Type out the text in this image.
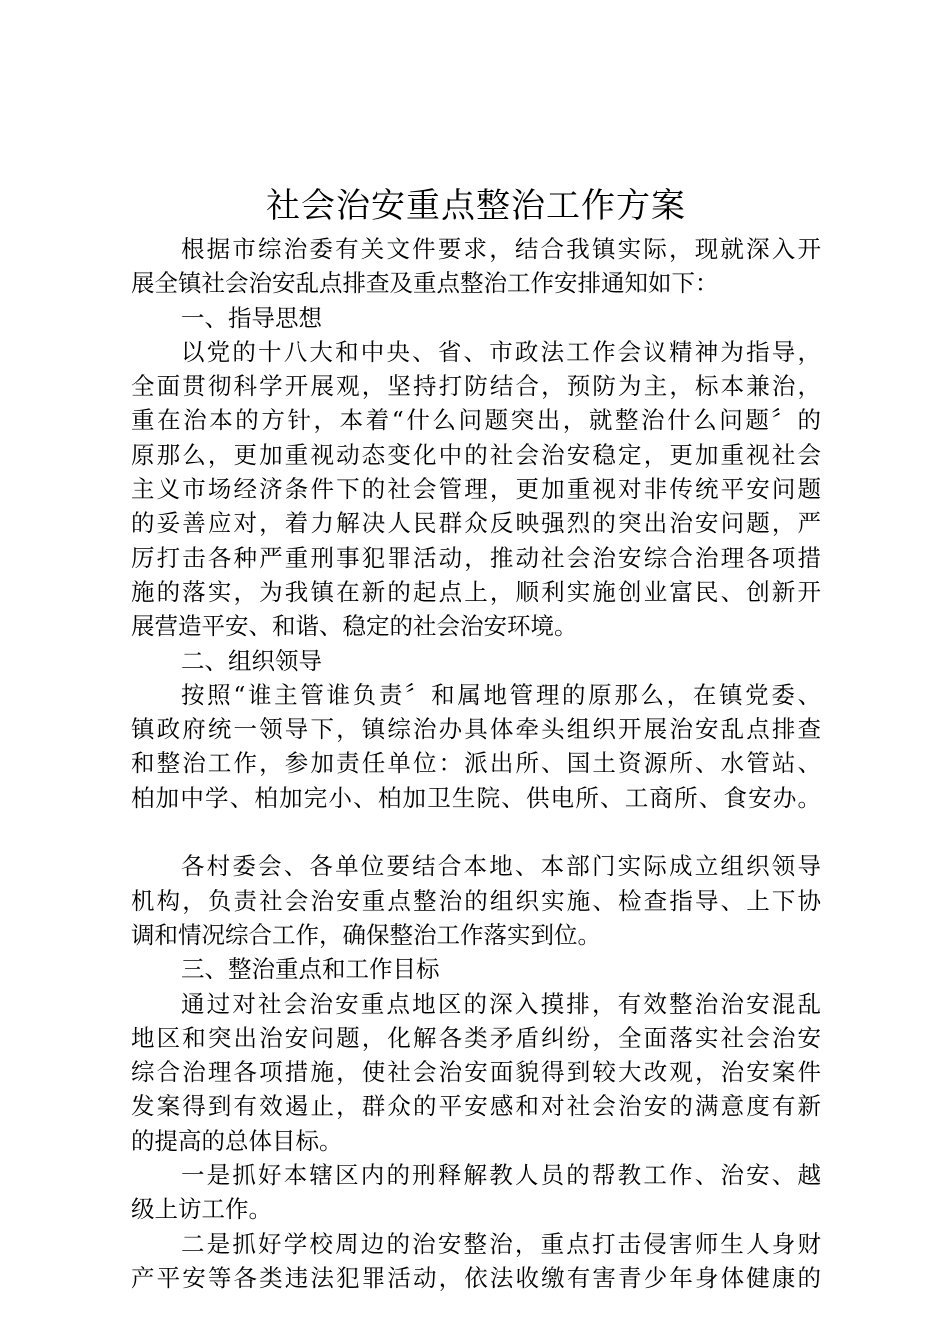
社会治安重点整治工作方案
根据市综治委有关文件要求，结合我镇实际，现就深入开
展全镇社会治安乱点排查及重点整治工作安排通知如下：
一、指导思想
以党的十八大和中央、省、市政法工作会议精神为指导，
全面贯彻科学开展观，坚持打防结合，预防为主，标本兼治，
重在治本的方针，本着“什么问题突出，就整治什么问题〞的
原那么，更加重视动态变化中的社会治安稳定，更加重视社会
主义市场经济条件下的社会管理，更加重视对非传统平安问题
的妥善应对，着力解决人民群众反映强烈的突出治安问题，严
厉打击各种严重刑事犯罪活动，推动社会治安综合治理各项措
施的落实，为我镇在新的起点上，顺利实施创业富民、创新开
展营造平安、和谐、稳定的社会治安环境。
二、组织领导
按照“谁主管谁负责〞和属地管理的原那么，在镇党委、
镇政府统一领导下，镇综治办具体牵头组织开展治安乱点排查
和整治工作，参加责任单位：派出所、国土资源所、水管站、
柏加中学、柏加完小、柏加卫生院、供电所、工商所、食安办。
各村委会、各单位要结合本地、本部门实际成立组织领导
机构，负责社会治安重点整治的组织实施、检查指导、上下协
调和情况综合工作，确保整治工作落实到位。
三、整治重点和工作目标
通过对社会治安重点地区的深入摸排，有效整治治安混乱
地区和突出治安问题，化解各类矛盾纠纷，全面落实社会治安
综合治理各项措施，使社会治安面貌得到较大改观，治安案件
发案得到有效遏止，群众的平安感和对社会治安的满意度有新
的提高的总体目标。
一是抓好本辖区内的刑释解教人员的帮教工作、治安、越
级上访工作。
二是抓好学校周边的治安整治，重点打击侵害师生人身财
产平安等各类违法犯罪活动，依法收缴有害青少年身体健康的
